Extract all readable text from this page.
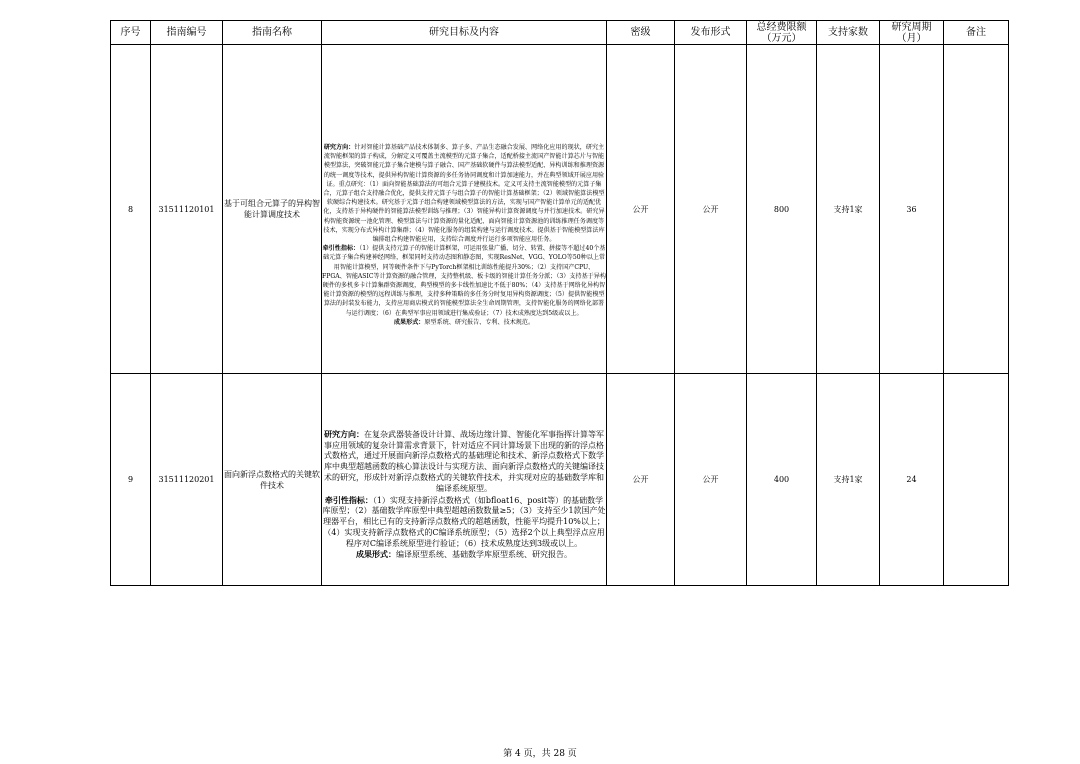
序号	指南编号	指南名称	研究目标及内容	密级	发布形式	总经费限额（万元）	支持家数	研究周期（月）	备注
8	31511120101	基于可组合元算子的异构智能计算调度技术	研究方向：针对智能计算基础产品技术体制多、算子多、产品生态融合发展、网络化应用的现状，研究主流智能框架的算子构成，分解定义可覆盖主流模型的元算子集合，适配桥接主流国产智能计算芯片与智能模型算法，突破智能元算子集合建模与算子融合、国产基础软硬件与算法模型适配、异构训练和推理资源的统一调度等技术，提供异构智能计算资源的多任务协同调度和计算加速能力，并在典型领域开展应用验证。重点研究：（1）面向智能基础算法的可组合元算子建模技术。定义可支持主流智能模型的元算子集合，元算子组合支持融合优化，提供支持元算子与组合算子的智能计算基础框架；（2）领域智能算法模型软硬综合构建技术。研究基于元算子组合构建领域模型算法的方法，实现与国产智能计算单元的适配优化，支持基于异构硬件的智能算法模型训练与推理；（3）智能异构计算资源调度与并行加速技术。研究异构智能资源统一池化管理、模型算法与计算资源的量化适配、面向智能计算资源池的训练推理任务调度等技术，实现分布式异构计算集群；（4）智能化服务的组装构建与运行调度技术。提供基于智能模型算法库编排组合构建智能应用，支持综合调度并行运行多项智能应用任务。
牵引性指标：（1）提供支持元算子的智能计算框架，可运用张量广播、切分、转置、拼接等不超过40个基础元算子集合构建神经网络，框架同时支持动态图和静态图，实现ResNet、VGG、YOLO等50种以上常用智能计算模型，同等硬件条件下与PyTorch框架相比训练性能提升30%；（2）支持国产CPU、FPGA、智能ASIC等计算资源的融合管理，支持整机级、板卡级的智能计算任务分派；（3）支持基于异构硬件的多机多卡计算集群资源调度，典型模型的多卡线性加速比不低于80%；（4）支持基于网络化异构智能计算资源的模型的远程训练与推理，支持多种策略的多任务分时复用异构资源调度；（5）提供智能模型算法的封装发布能力，支持应用商店模式的智能模型算法全生命周期管理，支持智能化服务的网络化部署与运行调度；（6）在典型军事应用领域进行集成验证；（7）技术成熟度达到5级或以上。
成果形式：原型系统、研究报告、专利、技术规范。	公开	公开	800	支持1家	36	
9	31511120201	面向新浮点数格式的关键软件技术	研究方向：在复杂武器装备设计计算、战场边缘计算、智能化军事指挥计算等军事应用领域的复杂计算需求背景下，针对适应不同计算场景下出现的新的浮点格式数格式，通过开展面向新浮点数格式的基础理论和技术、新浮点数格式下数学库中典型超越函数的核心算法设计与实现方法、面向新浮点数格式的关键编译技术的研究，形成针对新浮点数格式的关键软件技术，并实现对应的基础数学库和编译系统原型。
牵引性指标：（1）实现支持新浮点数格式（如bfloat16、posit等）的基础数学库原型；（2）基础数学库原型中典型超越函数数量≥5；（3）支持至少1款国产处理器平台，相比已有的支持新浮点数格式的超越函数，性能平均提升10%以上；（4）实现支持新浮点数格式的C编译系统原型；（5）选择2个以上典型浮点应用程序对C编译系统原型进行验证；（6）技术成熟度达到3级或以上。
成果形式：编译原型系统、基础数学库原型系统、研究报告。	公开	公开	400	支持1家	24	
第 4 页，共 28 页
